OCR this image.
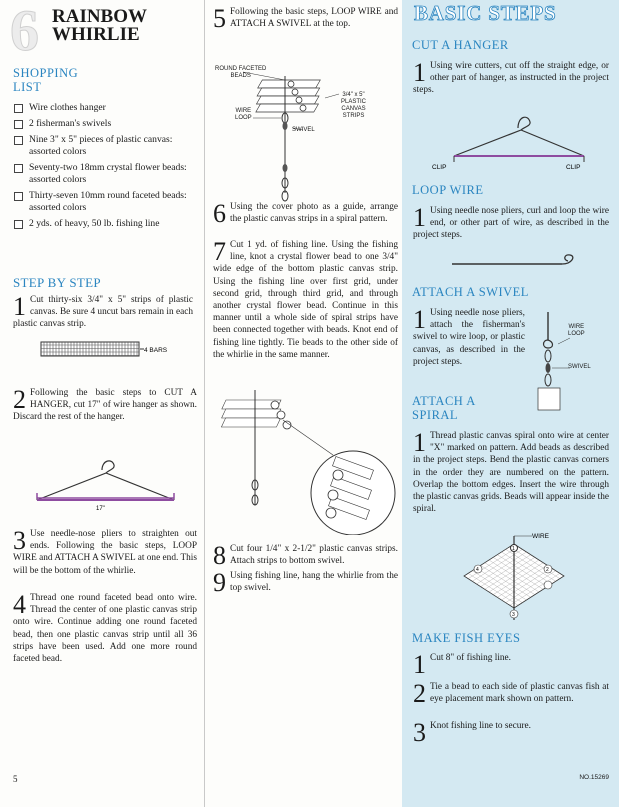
6 RAINBOW
WHIRLIE
SHOPPING
LIST
Wire clothes hanger
2 fisherman's swivels
Nine 3" x 5" pieces of plastic canvas: assorted colors
Seventy-two 18mm crystal flower beads: assorted colors
Thirty-seven 10mm round faceted beads: assorted colors
2 yds. of heavy, 50 lb. fishing line
STEP BY STEP
1 Cut thirty-six 3/4" x 5" strips of plastic canvas. Be sure 4 uncut bars remain in each plastic canvas strip.
4 BARS
2 Following the basic steps to CUT A HANGER, cut 17" of wire hanger as shown. Discard the rest of the hanger.
17"
3 Use needle-nose pliers to straighten out ends. Following the basic steps, LOOP WIRE and ATTACH A SWIVEL at one end. This will be the bottom of the whirlie.
4 Thread one round faceted bead onto wire. Thread the center of one plastic canvas strip onto wire. Continue adding one round faceted bead, then one plastic canvas strip until all 36 strips have been used. Add one more round faceted bead.
5
5 Following the basic steps, LOOP WIRE and ATTACH A SWIVEL at the top.
ROUND FACETED
BEADS
WIRE
LOOP
SWIVEL
3/4" x 5"
PLASTIC
CANVAS
STRIPS
6 Using the cover photo as a guide, arrange the plastic canvas strips in a spiral pattern.
7 Cut 1 yd. of fishing line. Using the fishing line, knot a crystal flower bead to one 3/4" wide edge of the bottom plastic canvas strip. Using the fishing line over first grid, under second grid, through third grid, and through another crystal flower bead. Continue in this manner until a whole side of spiral strips have been connected together with beads. Knot end of fishing line tightly. Tie beads to the other side of the whirlie in the same manner.
8 Cut four 1/4" x 2-1/2" plastic canvas strips. Attach strips to bottom swivel.
9 Using fishing line, hang the whirlie from the top swivel.
BASIC STEPS
CUT A HANGER
1 Using wire cutters, cut off the straight edge, or other part of hanger, as instructed in the project steps.
CLIP	CLIP
LOOP WIRE
1 Using needle nose pliers, curl and loop the wire end, or other part of wire, as described in the project steps.
ATTACH A SWIVEL
1 Using needle nose pliers, attach the fisherman's swivel to wire loop, or plastic canvas, as described in the project steps.
WIRE
LOOP
SWIVEL
ATTACH A
SPIRAL
1 Thread plastic canvas spiral onto wire at center "X" marked on pattern. Add beads as described in the project steps. Bend the plastic canvas corners in the order they are numbered on the pattern. Overlap the bottom edges. Insert the wire through the plastic canvas grids. Beads will appear inside the spiral.
WIRE
1
2
3
4
MAKE FISH EYES
1 Cut 8" of fishing line.
2 Tie a bead to each side of plastic canvas fish at eye placement mark shown on pattern.
3 Knot fishing line to secure.
NO.15269
